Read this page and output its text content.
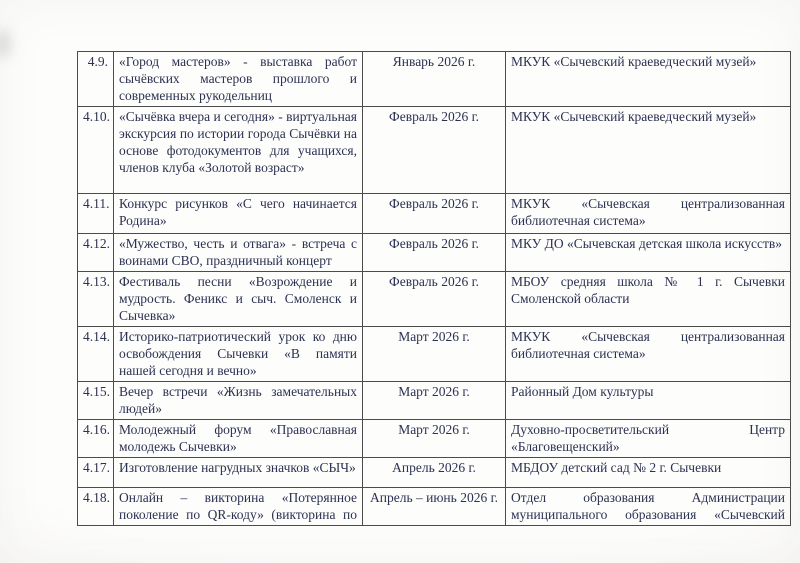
4.9.	«Город мастеров» - выставка работ сычёвских мастеров прошлого и современных рукодельниц	Январь 2026 г.	МКУК «Сычевский краеведческий музей»
4.10.	«Сычёвка вчера и сегодня» - виртуальная экскурсия по истории города Сычёвки на основе фотодокументов для учащихся, членов клуба «Золотой возраст»	Февраль 2026 г.	МКУК «Сычевский краеведческий музей»
4.11.	Конкурс рисунков «С чего начинается Родина»	Февраль 2026 г.	МКУК «Сычевская централизованная библиотечная система»
4.12.	«Мужество, честь и отвага» - встреча с воинами СВО, праздничный концерт	Февраль 2026 г.	МКУ ДО «Сычевская детская школа искусств»
4.13.	Фестиваль песни «Возрождение и мудрость. Феникс и сыч. Смоленск и Сычевка»	Февраль 2026 г.	МБОУ средняя школа № 1 г. Сычевки Смоленской области
4.14.	Историко-патриотический урок ко дню освобождения Сычевки «В памяти нашей сегодня и вечно»	Март 2026 г.	МКУК «Сычевская централизованная библиотечная система»
4.15.	Вечер встречи «Жизнь замечательных людей»	Март 2026 г.	Районный Дом культуры
4.16.	Молодежный форум «Православная молодежь Сычевки»	Март 2026 г.	Духовно-просветительский Центр «Благовещенский»
4.17.	Изготовление нагрудных значков «СЫЧ»	Апрель 2026 г.	МБДОУ детский сад № 2 г. Сычевки
4.18.	Онлайн – викторина «Потерянное поколение по QR-коду» (викторина по	Апрель – июнь 2026 г.	Отдел образования Администрации муниципального образования «Сычевский
